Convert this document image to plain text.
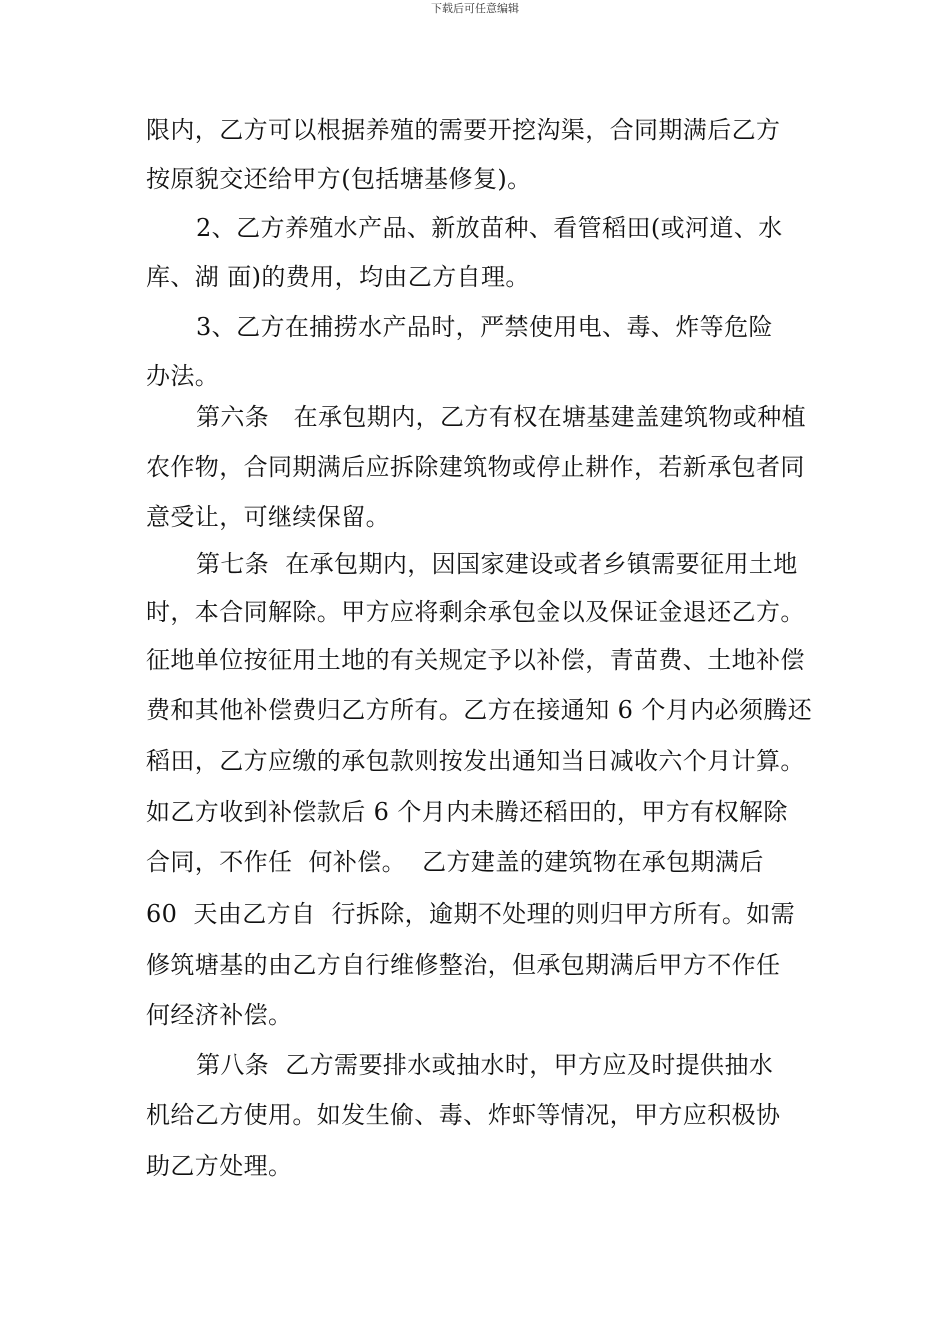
下载后可任意编辑
限内，乙方可以根据养殖的需要开挖沟渠，合同期满后乙方
按原貌交还给甲方(包括塘基修复)。
2、乙方养殖水产品、新放苗种、看管稻田(或河道、水
库、湖 面)的费用，均由乙方自理。
3、乙方在捕捞水产品时，严禁使用电、毒、炸等危险
办法。
第六条　在承包期内，乙方有权在塘基建盖建筑物或种植
农作物，合同期满后应拆除建筑物或停止耕作，若新承包者同
意受让，可继续保留。
第七条  在承包期内，因国家建设或者乡镇需要征用土地
时，本合同解除。甲方应将剩余承包金以及保证金退还乙方。
征地单位按征用土地的有关规定予以补偿，青苗费、土地补偿
费和其他补偿费归乙方所有。乙方在接通知 6 个月内必须腾还
稻田，乙方应缴的承包款则按发出通知当日减收六个月计算。
如乙方收到补偿款后 6 个月内未腾还稻田的，甲方有权解除
合同，不作任  何补偿。  乙方建盖的建筑物在承包期满后
60  天由乙方自  行拆除，逾期不处理的则归甲方所有。如需
修筑塘基的由乙方自行维修整治，但承包期满后甲方不作任
何经济补偿。
第八条  乙方需要排水或抽水时，甲方应及时提供抽水
机给乙方使用。如发生偷、毒、炸虾等情况，甲方应积极协
助乙方处理。
